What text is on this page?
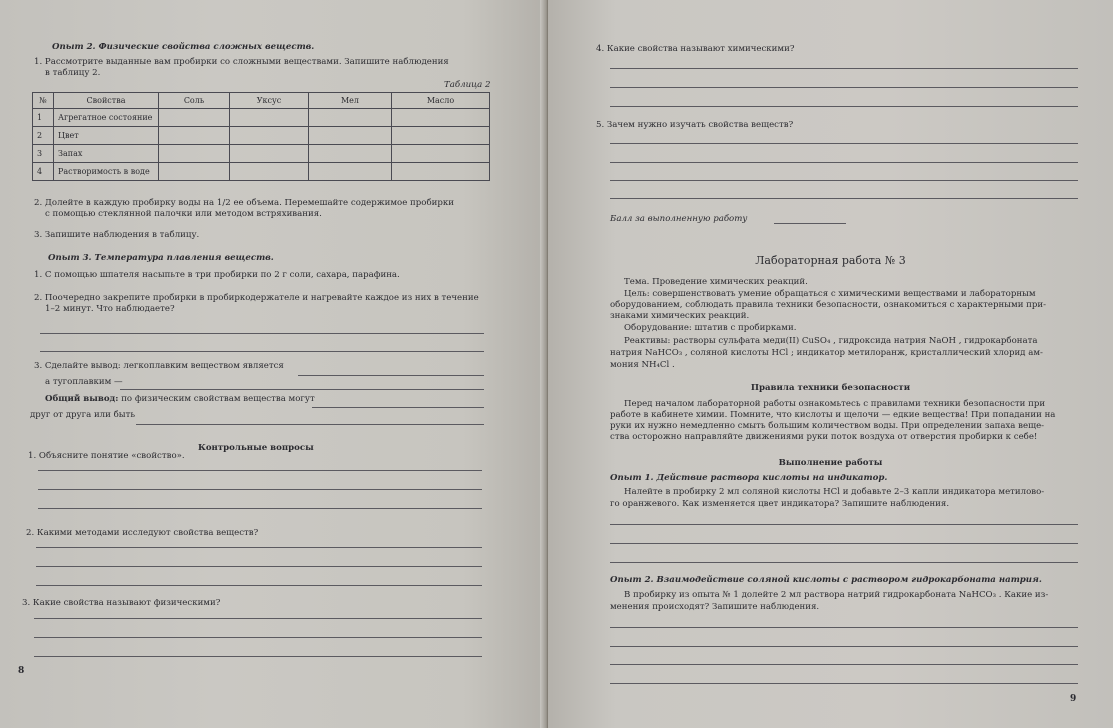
Опыт 2. Физические свойства сложных веществ.
1. Рассмотрите выданные вам пробирки со сложными веществами. Запишите наблюдения
в таблицу 2.
Таблица 2
№	Свойства	Соль	Уксус	Мел	Масло
1	Агрегатное состояние				
2	Цвет				
3	Запах				
4	Растворимость в воде				
2. Долейте в каждую пробирку воды на 1/2 ее объема. Перемешайте содержимое пробирки
с помощью стеклянной палочки или методом встряхивания.
3. Запишите наблюдения в таблицу.
Опыт 3. Температура плавления веществ.
1. С помощью шпателя насыпьте в три пробирки по 2 г соли, сахара, парафина.
2. Поочередно закрепите пробирки в пробиркодержателе и нагревайте каждое из них в течение
1–2 минут. Что наблюдаете?
3. Сделайте вывод: легкоплавким веществом является
а тугоплавким —
Общий вывод: по физическим свойствам вещества могут
друг от друга или быть
Контрольные вопросы
1. Объясните понятие «свойство».
2. Какими методами исследуют свойства веществ?
3. Какие свойства называют физическими?
8
4. Какие свойства называют химическими?
5. Зачем нужно изучать свойства веществ?
Балл за выполненную работу
Лабораторная работа № 3
Тема. Проведение химических реакций.
Цель: совершенствовать умение обращаться с химическими веществами и лабораторным
оборудованием, соблюдать правила техники безопасности, ознакомиться с характерными при-
знаками химических реакций.
Оборудование: штатив с пробирками.
Реактивы: растворы сульфата меди(II) CuSO₄ , гидроксида натрия NaOH , гидрокарбоната
натрия NaHCO₃ , соляной кислоты HCl ; индикатор метилоранж, кристаллический хлорид ам-
мония NH₄Cl .
Правила техники безопасности
Перед началом лабораторной работы ознакомьтесь с правилами техники безопасности при
работе в кабинете химии. Помните, что кислоты и щелочи — едкие вещества! При попадании на
руки их нужно немедленно смыть большим количеством воды. При определении запаха веще-
ства осторожно направляйте движениями руки поток воздуха от отверстия пробирки к себе!
Выполнение работы
Опыт 1. Действие раствора кислоты на индикатор.
Налейте в пробирку 2 мл соляной кислоты HCl и добавьте 2–3 капли индикатора метилово-
го оранжевого. Как изменяется цвет индикатора? Запишите наблюдения.
Опыт 2. Взаимодействие соляной кислоты с раствором гидрокарбоната натрия.
В пробирку из опыта № 1 долейте 2 мл раствора натрий гидрокарбоната NaHCO₃ . Какие из-
менения происходят? Запишите наблюдения.
9
